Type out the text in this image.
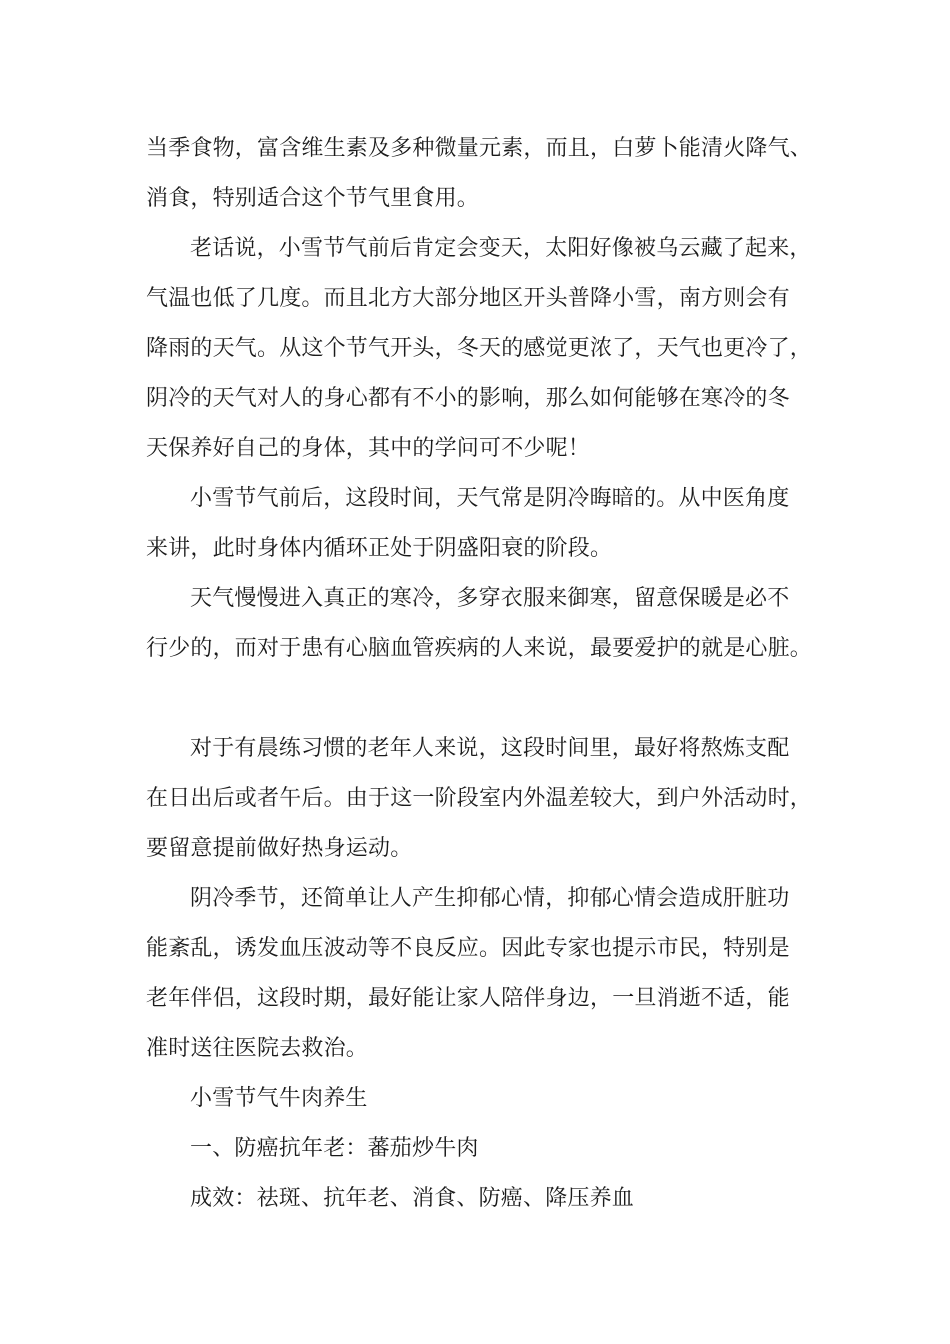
当季食物，富含维生素及多种微量元素，而且，白萝卜能清火降气、
消食，特别适合这个节气里食用。
老话说，小雪节气前后肯定会变天，太阳好像被乌云藏了起来，
气温也低了几度。而且北方大部分地区开头普降小雪，南方则会有
降雨的天气。从这个节气开头，冬天的感觉更浓了，天气也更冷了，
阴冷的天气对人的身心都有不小的影响，那么如何能够在寒冷的冬
天保养好自己的身体，其中的学问可不少呢！
小雪节气前后，这段时间，天气常是阴冷晦暗的。从中医角度
来讲，此时身体内循环正处于阴盛阳衰的阶段。
天气慢慢进入真正的寒冷，多穿衣服来御寒，留意保暖是必不
行少的，而对于患有心脑血管疾病的人来说，最要爱护的就是心脏。
对于有晨练习惯的老年人来说，这段时间里，最好将熬炼支配
在日出后或者午后。由于这一阶段室内外温差较大，到户外活动时，
要留意提前做好热身运动。
阴冷季节，还简单让人产生抑郁心情，抑郁心情会造成肝脏功
能紊乱，诱发血压波动等不良反应。因此专家也提示市民，特别是
老年伴侣，这段时期，最好能让家人陪伴身边，一旦消逝不适，能
准时送往医院去救治。
小雪节气牛肉养生
一、防癌抗年老：蕃茄炒牛肉
成效：祛斑、抗年老、消食、防癌、降压养血
